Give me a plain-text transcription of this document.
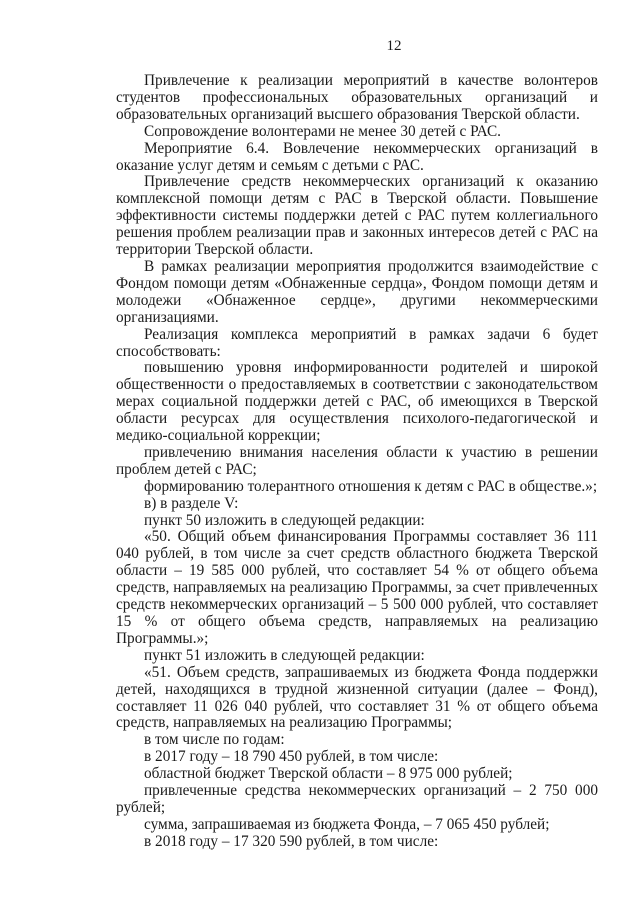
12

Привлечение к реализации мероприятий в качестве волонтеров студентов профессиональных образовательных организаций и образовательных организаций высшего образования Тверской области.

Сопровождение волонтерами не менее 30 детей с РАС.

Мероприятие 6.4. Вовлечение некоммерческих организаций в оказание услуг детям и семьям с детьми с РАС.

Привлечение средств некоммерческих организаций к оказанию комплексной помощи детям с РАС в Тверской области. Повышение эффективности системы поддержки детей с РАС путем коллегиального решения проблем реализации прав и законных интересов детей с РАС на территории Тверской области.

В рамках реализации мероприятия продолжится взаимодействие с Фондом помощи детям «Обнаженные сердца», Фондом помощи детям и молодежи «Обнаженное сердце», другими некоммерческими организациями.

Реализация комплекса мероприятий в рамках задачи 6 будет способствовать:

повышению уровня информированности родителей и широкой общественности о предоставляемых в соответствии с законодательством мерах социальной поддержки детей с РАС, об имеющихся в Тверской области ресурсах для осуществления психолого-педагогической и медико-социальной коррекции;

привлечению внимания населения области к участию в решении проблем детей с РАС;

формированию толерантного отношения к детям с РАС в обществе.»;

в) в разделе V:

пункт 50 изложить в следующей редакции:

«50. Общий объем финансирования Программы составляет 36 111 040 рублей, в том числе за счет средств областного бюджета Тверской области – 19 585 000 рублей, что составляет 54 % от общего объема средств, направляемых на реализацию Программы, за счет привлеченных средств некоммерческих организаций – 5 500 000 рублей, что составляет 15 % от общего объема средств, направляемых на реализацию Программы.»;

пункт 51 изложить в следующей редакции:

«51. Объем средств, запрашиваемых из бюджета Фонда поддержки детей, находящихся в трудной жизненной ситуации (далее – Фонд), составляет 11 026 040 рублей, что составляет 31 % от общего объема средств, направляемых на реализацию Программы;

в том числе по годам:

в 2017 году – 18 790 450 рублей, в том числе:

областной бюджет Тверской области – 8 975 000 рублей;

привлеченные средства некоммерческих организаций – 2 750 000 рублей;

сумма, запрашиваемая из бюджета Фонда, – 7 065 450 рублей;

в 2018 году – 17 320 590 рублей, в том числе:
